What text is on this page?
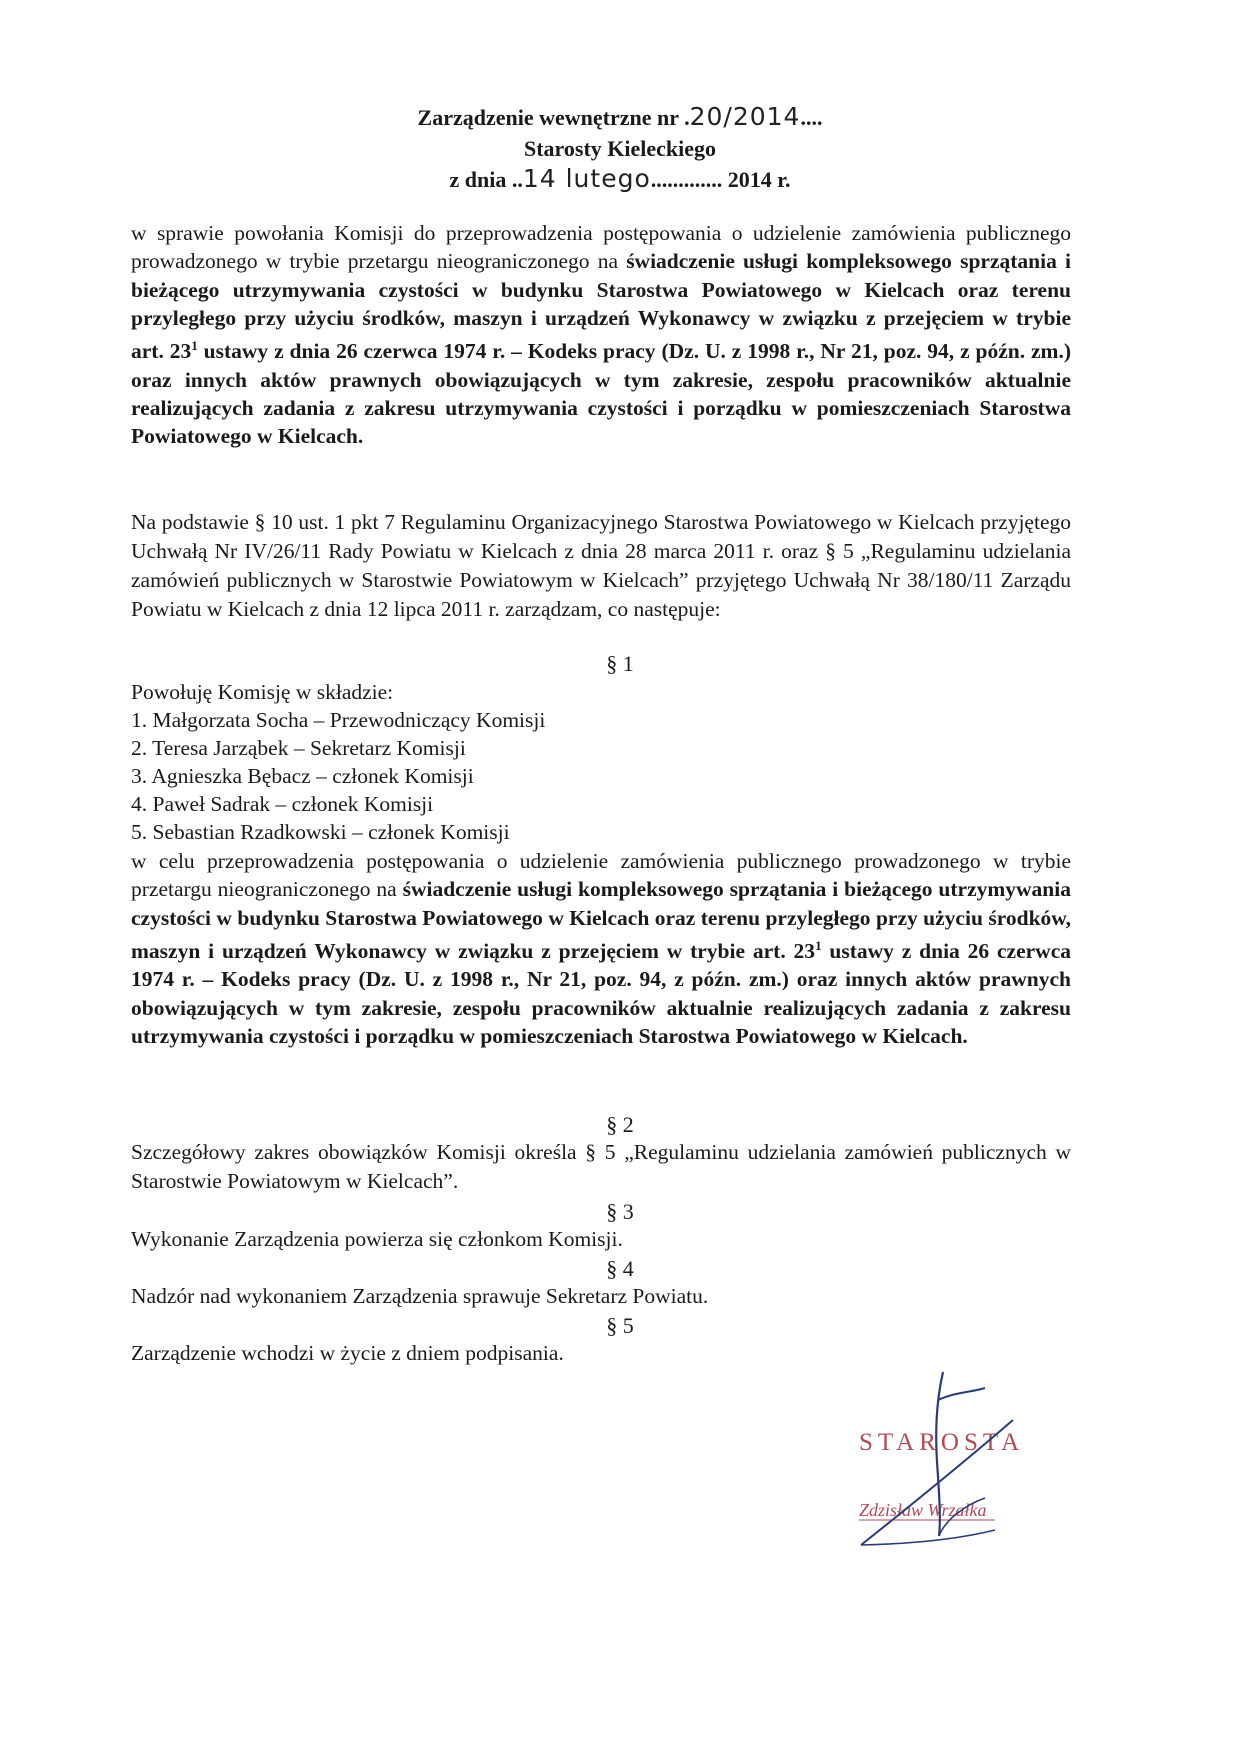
Zarządzenie wewnętrzne nr .20/2014....
Starosty Kieleckiego
z dnia ..14 lutego............. 2014 r.

w sprawie powołania Komisji do przeprowadzenia postępowania o udzielenie zamówienia publicznego prowadzonego w trybie przetargu nieograniczonego na świadczenie usługi kompleksowego sprzątania i bieżącego utrzymywania czystości w budynku Starostwa Powiatowego w Kielcach oraz terenu przyległego przy użyciu środków, maszyn i urządzeń Wykonawcy w związku z przejęciem w trybie art. $23^1$ ustawy z dnia 26 czerwca 1974 r. – Kodeks pracy (Dz. U. z 1998 r., Nr 21, poz. 94, z późn. zm.) oraz innych aktów prawnych obowiązujących w tym zakresie, zespołu pracowników aktualnie realizujących zadania z zakresu utrzymywania czystości i porządku w pomieszczeniach Starostwa Powiatowego w Kielcach.

Na podstawie § 10 ust. 1 pkt 7 Regulaminu Organizacyjnego Starostwa Powiatowego w Kielcach przyjętego Uchwałą Nr IV/26/11 Rady Powiatu w Kielcach z dnia 28 marca 2011 r. oraz § 5 „Regulaminu udzielania zamówień publicznych w Starostwie Powiatowym w Kielcach” przyjętego Uchwałą Nr 38/180/11 Zarządu Powiatu w Kielcach z dnia 12 lipca 2011 r. zarządzam, co następuje:

§ 1

Powołuję Komisję w składzie:

1. Małgorzata Socha – Przewodniczący Komisji

2. Teresa Jarząbek – Sekretarz Komisji

3. Agnieszka Bębacz – członek Komisji

4. Paweł Sadrak – członek Komisji

5. Sebastian Rzadkowski – członek Komisji

w celu przeprowadzenia postępowania o udzielenie zamówienia publicznego prowadzonego w trybie przetargu nieograniczonego na świadczenie usługi kompleksowego sprzątania i bieżącego utrzymywania czystości w budynku Starostwa Powiatowego w Kielcach oraz terenu przyległego przy użyciu środków, maszyn i urządzeń Wykonawcy w związku z przejęciem w trybie art. $23^1$ ustawy z dnia 26 czerwca 1974 r. – Kodeks pracy (Dz. U. z 1998 r., Nr 21, poz. 94, z późn. zm.) oraz innych aktów prawnych obowiązujących w tym zakresie, zespołu pracowników aktualnie realizujących zadania z zakresu utrzymywania czystości i porządku w pomieszczeniach Starostwa Powiatowego w Kielcach.

§ 2

Szczegółowy zakres obowiązków Komisji określa § 5 „Regulaminu udzielania zamówień publicznych w Starostwie Powiatowym w Kielcach”.

§ 3

Wykonanie Zarządzenia powierza się członkom Komisji.

§ 4

Nadzór nad wykonaniem Zarządzenia sprawuje Sekretarz Powiatu.

§ 5

Zarządzenie wchodzi w życie z dniem podpisania.

STAROSTA
Zdzisław Wrzałka
